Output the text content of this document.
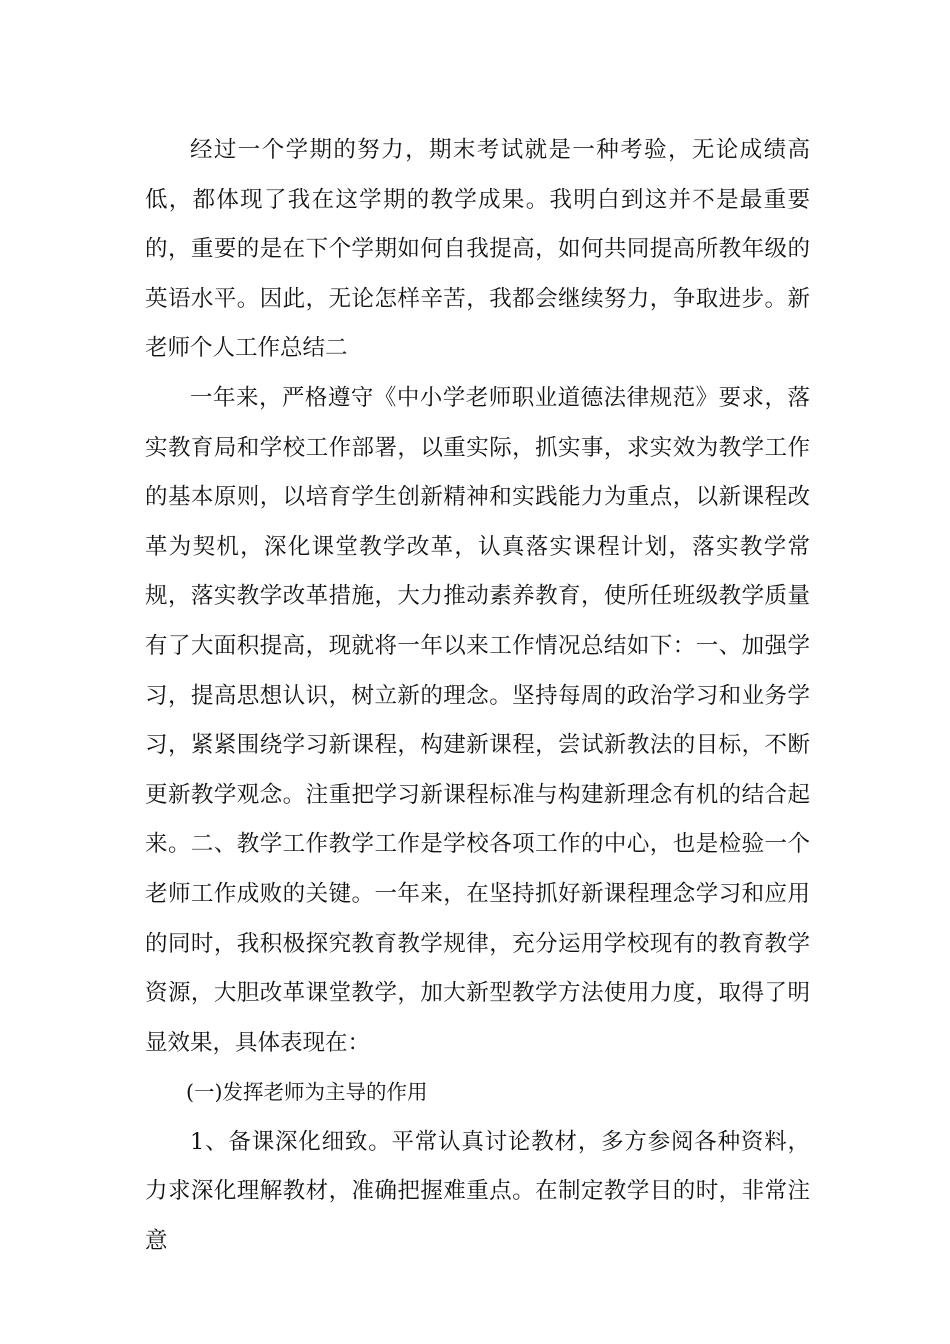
经过一个学期的努力，期末考试就是一种考验，无论成绩高低，都体现了我在这学期的教学成果。我明白到这并不是最重要的，重要的是在下个学期如何自我提高，如何共同提高所教年级的英语水平。因此，无论怎样辛苦，我都会继续努力，争取进步。新老师个人工作总结二

一年来，严格遵守《中小学老师职业道德法律规范》要求，落实教育局和学校工作部署，以重实际，抓实事，求实效为教学工作的基本原则，以培育学生创新精神和实践能力为重点，以新课程改革为契机，深化课堂教学改革，认真落实课程计划，落实教学常规，落实教学改革措施，大力推动素养教育，使所任班级教学质量有了大面积提高，现就将一年以来工作情况总结如下：一、加强学习，提高思想认识，树立新的理念。坚持每周的政治学习和业务学习，紧紧围绕学习新课程，构建新课程，尝试新教法的目标，不断更新教学观念。注重把学习新课程标准与构建新理念有机的结合起来。二、教学工作教学工作是学校各项工作的中心，也是检验一个老师工作成败的关键。一年来，在坚持抓好新课程理念学习和应用的同时，我积极探究教育教学规律，充分运用学校现有的教育教学资源，大胆改革课堂教学，加大新型教学方法使用力度，取得了明显效果，具体表现在：

(一)发挥老师为主导的作用

1、备课深化细致。平常认真讨论教材，多方参阅各种资料，力求深化理解教材，准确把握难重点。在制定教学目的时，非常注意
